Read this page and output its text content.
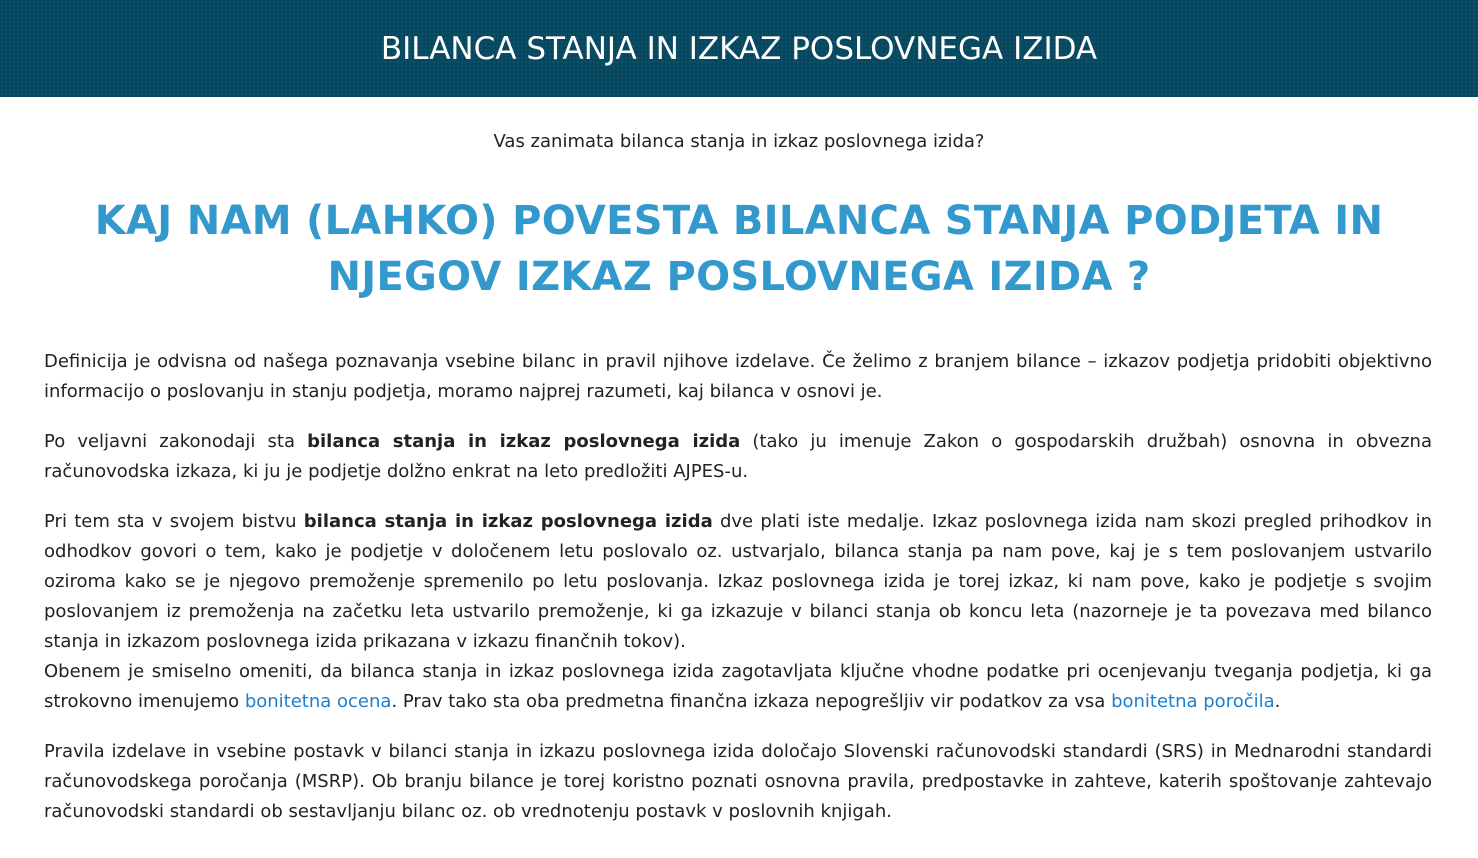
BILANCA STANJA IN IZKAZ POSLOVNEGA IZIDA
Vas zanimata bilanca stanja in izkaz poslovnega izida?
KAJ NAM (LAHKO) POVESTA BILANCA STANJA PODJETA IN
NJEGOV IZKAZ POSLOVNEGA IZIDA ?

Definicija je odvisna od našega poznavanja vsebine bilanc in pravil njihove izdelave. Če želimo z branjem bilance – izkazov podjetja pridobiti objektivno informacijo o poslovanju in stanju podjetja, moramo najprej razumeti, kaj bilanca v osnovi je.

Po veljavni zakonodaji sta bilanca stanja in izkaz poslovnega izida (tako ju imenuje Zakon o gospodarskih družbah) osnovna in obvezna računovodska izkaza, ki ju je podjetje dolžno enkrat na leto predložiti AJPES-u.

Pri tem sta v svojem bistvu bilanca stanja in izkaz poslovnega izida dve plati iste medalje. Izkaz poslovnega izida nam skozi pregled prihodkov in odhodkov govori o tem, kako je podjetje v določenem letu poslovalo oz. ustvarjalo, bilanca stanja pa nam pove, kaj je s tem poslovanjem ustvarilo oziroma kako se je njegovo premoženje spremenilo po letu poslovanja. Izkaz poslovnega izida je torej izkaz, ki nam pove, kako je podjetje s svojim poslovanjem iz premoženja na začetku leta ustvarilo premoženje, ki ga izkazuje v bilanci stanja ob koncu leta (nazorneje je ta povezava med bilanco stanja in izkazom poslovnega izida prikazana v izkazu finančnih tokov).

Obenem je smiselno omeniti, da bilanca stanja in izkaz poslovnega izida zagotavljata ključne vhodne podatke pri ocenjevanju tveganja podjetja, ki ga strokovno imenujemo bonitetna ocena. Prav tako sta oba predmetna finančna izkaza nepogrešljiv vir podatkov za vsa bonitetna poročila.

Pravila izdelave in vsebine postavk v bilanci stanja in izkazu poslovnega izida določajo Slovenski računovodski standardi (SRS) in Mednarodni standardi računovodskega poročanja (MSRP). Ob branju bilance je torej koristno poznati osnovna pravila, predpostavke in zahteve, katerih spoštovanje zahtevajo računovodski standardi ob sestavljanju bilanc oz. ob vrednotenju postavk v poslovnih knjigah.
